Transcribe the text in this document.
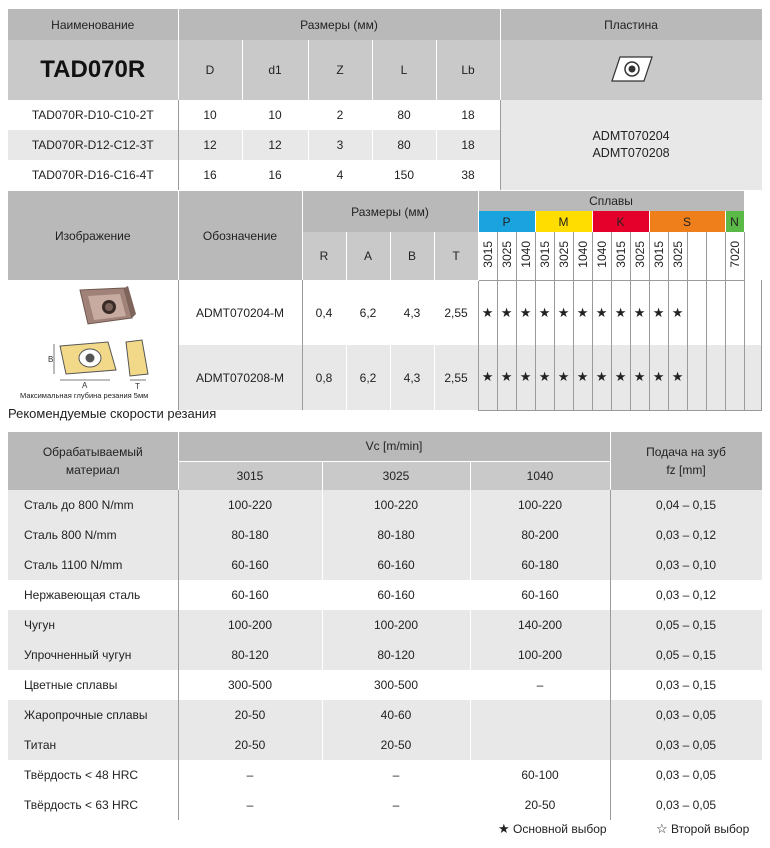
Наименование	Размеры (мм)					Пластина
TAD070R	D	d1	Z	L	Lb	
TAD070R-D10-C10-2T	10	10	2	80	18	ADMT070204
ADMT070208

TAD070R-D12-C12-3T	12	12	3	80	18	
TAD070R-D16-C16-4T	16	16	4	150	38	
Изображение	Обозначение	Размеры (мм)				Сплавы														
						P			M			K			S				N	
		R	A	B	T	3015	3025	1040	3015	3025	1040	1040	3015	3025	3015	3025			7020	

B
A T
Максимальная глубина резания 5мм	ADMT070204-M	0,4	6,2	4,3	2,55	★	★	★	★	★	★	★	★	★	★	★				
	ADMT070208-M	0,8	6,2	4,3	2,55	★	★	★	★	★	★	★	★	★	★	★				
Рекомендуемые скорости резания
Обрабатываемый материал	Vc [m/min]			Подача на зуб fz [mm]
	3015	3025	1040	
Сталь до 800 N/mm	100-220	100-220	100-220	0,04 – 0,15
Сталь 800 N/mm	80-180	80-180	80-200	0,03 – 0,12
Сталь 1100 N/mm	60-160	60-160	60-180	0,03 – 0,10
Нержавеющая сталь	60-160	60-160	60-160	0,03 – 0,12
Чугун	100-200	100-200	140-200	0,05 – 0,15
Упрочненный чугун	80-120	80-120	100-200	0,05 – 0,15
Цветные сплавы	300-500	300-500	–	0,03 – 0,15
Жаропрочные сплавы	20-50	40-60		0,03 – 0,05
Титан	20-50	20-50		0,03 – 0,05
Твёрдость < 48 HRC	–	–	60-100	0,03 – 0,05
Твёрдость < 63 HRC	–	–	20-50	0,03 – 0,05
★ Основной выбор	☆ Второй выбор
